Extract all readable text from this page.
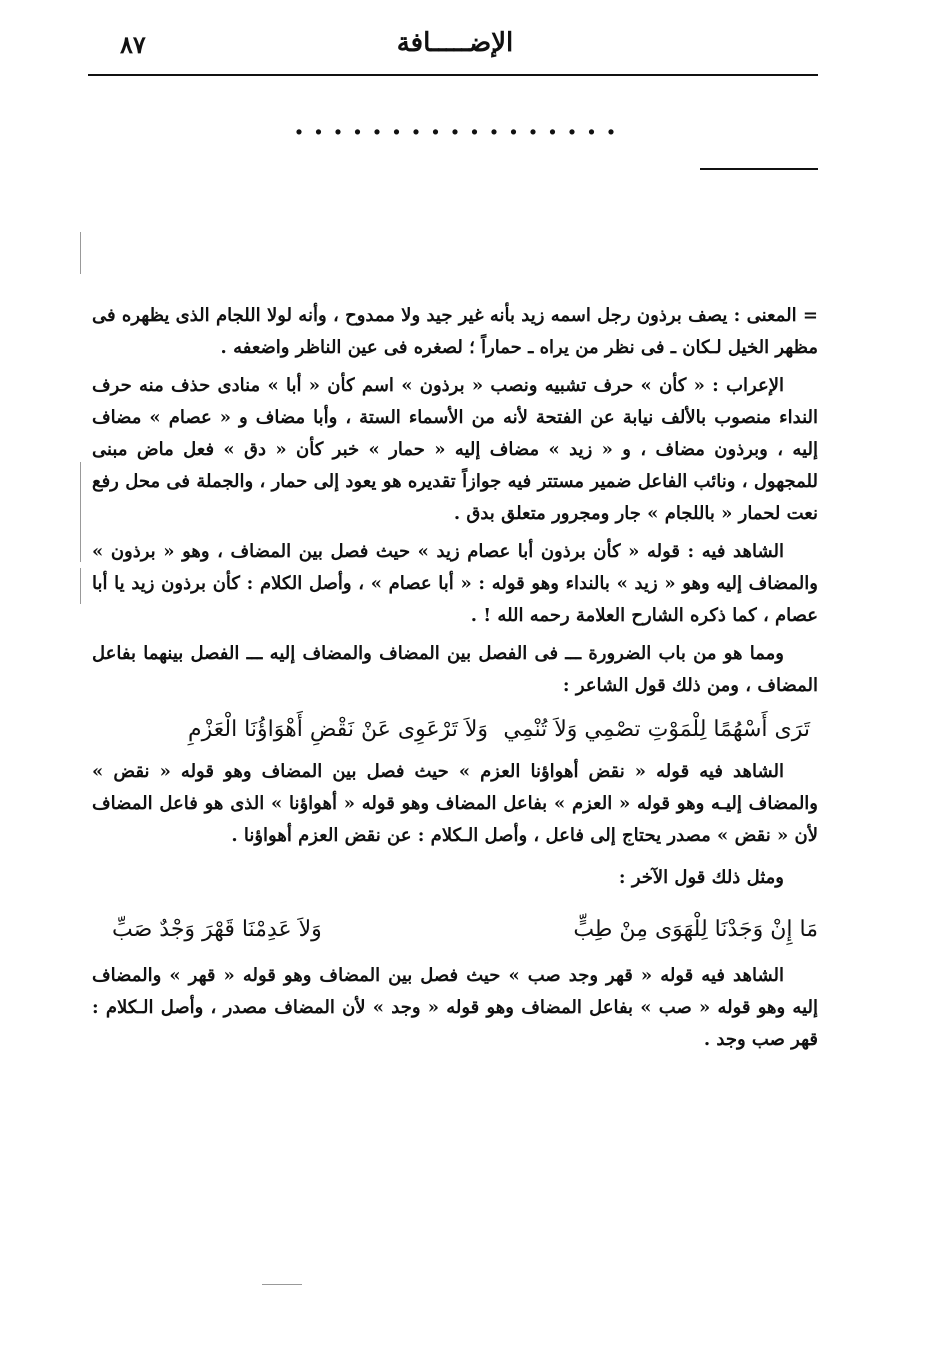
الإضـــــافة
٨٧
. . . . . . . . . . . . . . . . .

= المعنى : يصف برذون رجل اسمه زيد بأنه غير جيد ولا ممدوح ، وأنه لولا اللجام الذى يظهره فى مظهر الخيل لـكان ـ فى نظر من يراه ـ حماراً ؛ لصغره فى عين الناظر واضعفه .

الإعراب : « كأن » حرف تشبيه ونصب « برذون » اسم كأن « أبا » منادى حذف منه حرف النداء منصوب بالألف نيابة عن الفتحة لأنه من الأسماء الستة ، وأبا مضاف و « عصام » مضاف إليه ، وبرذون مضاف ، و « زيد » مضاف إليه « حمار » خبر كأن « دق » فعل ماض مبنى للمجهول ، ونائب الفاعل ضمير مستتر فيه جوازاً تقديره هو يعود إلى حمار ، والجملة فى محل رفع نعت لحمار « باللجام » جار ومجرور متعلق بدق .

الشاهد فيه : قوله « كأن برذون أبا عصام زيد » حيث فصل بين المضاف ، وهو « برذون » والمضاف إليه وهو « زيد » بالنداء وهو قوله : « أبا عصام » ، وأصل الكلام : كأن برذون زيد يا أبا عصام ، كما ذكره الشارح العلامة رحمه الله ! .

ومما هو من باب الضرورة ـــ فى الفصل بين المضاف والمضاف إليه ـــ الفصل بينهما بفاعل المضاف ، ومن ذلك قول الشاعر :

تَرَى أَسْهُمًا لِلْمَوْتِ تصْمِي وَلاَ تُنْمِي
وَلاَ تَرْعَوِى عَنْ نَقْضِ أَهْوَاؤُنَا الْعَزْمِ

الشاهد فيه قوله « نقض أهواؤنا العزم » حيث فصل بين المضاف وهو قوله « نقض » والمضاف إليـه وهو قوله « العزم » بفاعل المضاف وهو قوله « أهواؤنا » الذى هو فاعل المضاف لأن « نقض » مصدر يحتاج إلى فاعل ، وأصل الـكلام : عن نقض العزم أهواؤنا .

ومثل ذلك قول الآخر :

مَا إِنْ وَجَدْنَا لِلْهَوَى مِنْ طِبٍّ
وَلاَ عَدِمْنَا قَهْرَ وَجْدٌ صَبِّ

الشاهد فيه قوله « قهر وجد صب » حيث فصل بين المضاف وهو قوله « قهر » والمضاف إليه وهو قوله « صب » بفاعل المضاف وهو قوله « وجد » لأن المضاف مصدر ، وأصل الـكلام : قهر صب وجد .
